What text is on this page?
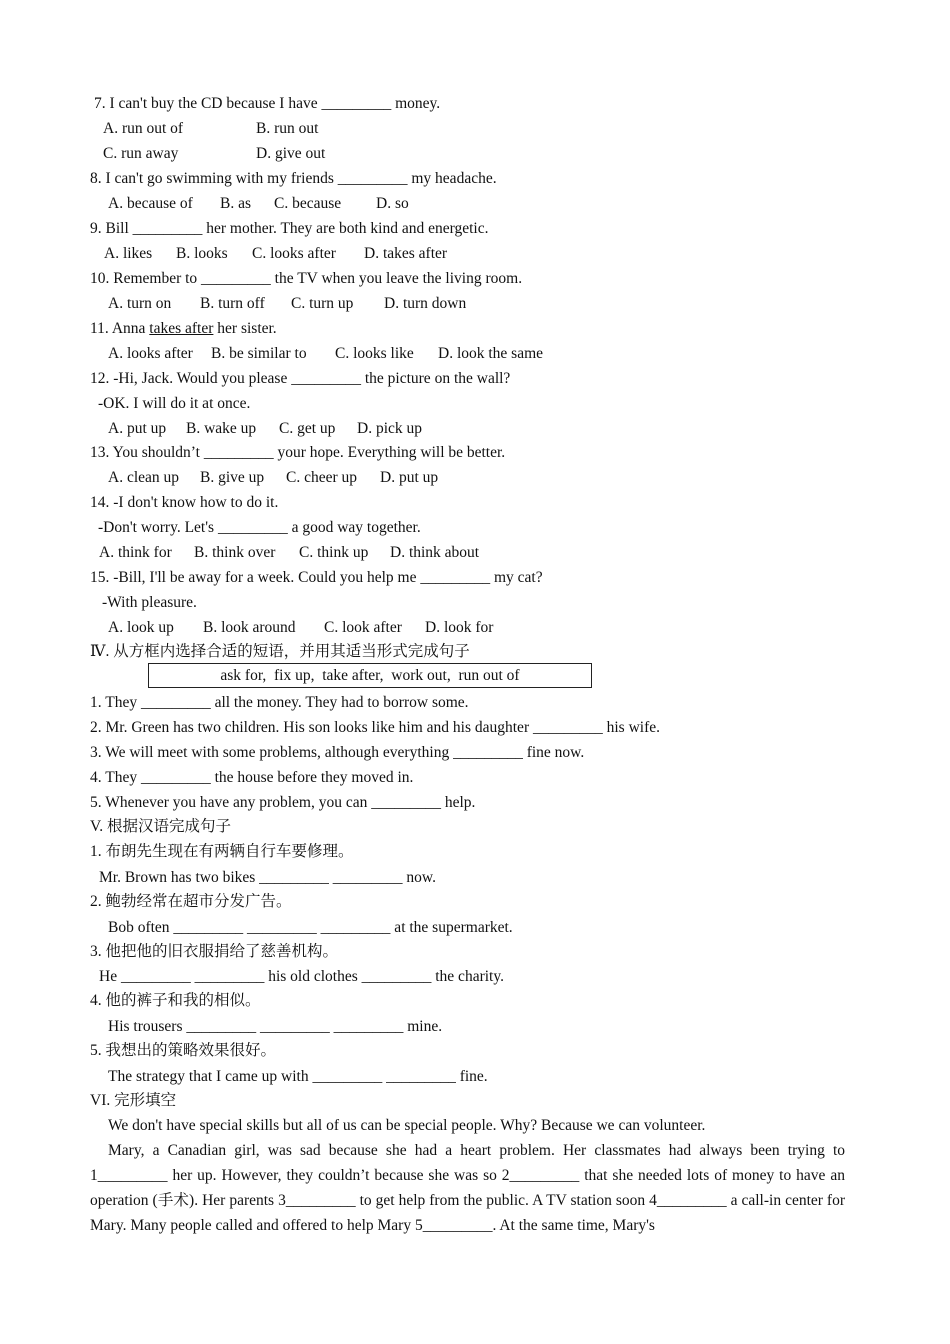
7. I can't buy the CD because I have _________ money.
A. run out of	B. run out
C. run away	D. give out
8. I can't go swimming with my friends _________ my headache.
A. because of B. as C. because D. so
9. Bill _________ her mother. They are both kind and energetic.
A. likes B. looks C. looks after D. takes after
10. Remember to _________ the TV when you leave the living room.
A. turn on B. turn off C. turn up D. turn down
11. Anna takes after her sister.
A. looks after B. be similar to C. looks like D. look the same
12. -Hi, Jack. Would you please _________ the picture on the wall?
-OK. I will do it at once.
A. put up B. wake up C. get up D. pick up
13. You shouldn’t _________ your hope. Everything will be better.
A. clean up B. give up C. cheer up D. put up
14. -I don't know how to do it.
-Don't worry. Let's _________ a good way together.
A. think for B. think over C. think up D. think about
15. -Bill, I'll be away for a week. Could you help me _________ my cat?
-With pleasure.
A. look up B. look around C. look after D. look for
Ⅳ. 从方框内选择合适的短语，并用其适当形式完成句子
ask for,  fix up,  take after,  work out,  run out of
1. They _________ all the money. They had to borrow some.
2. Mr. Green has two children. His son looks like him and his daughter _________ his wife.
3. We will meet with some problems, although everything _________ fine now.
4. They _________ the house before they moved in.
5. Whenever you have any problem, you can _________ help.
V. 根据汉语完成句子
1. 布朗先生现在有两辆自行车要修理。
Mr. Brown has two bikes _________ _________ now.
2. 鲍勃经常在超市分发广告。
Bob often _________ _________ _________ at the supermarket.
3. 他把他的旧衣服捐给了慈善机构。
He _________ _________ his old clothes _________ the charity.
4. 他的裤子和我的相似。
His trousers _________ _________ _________ mine.
5. 我想出的策略效果很好。
The strategy that I came up with _________ _________ fine.
VI. 完形填空
We don't have special skills but all of us can be special people. Why? Because we can volunteer.
Mary, a Canadian girl, was sad because she had a heart problem. Her classmates had always been trying to 1_________ her up. However, they couldn’t because she was so 2_________ that she needed lots of money to have an operation (手术). Her parents 3_________ to get help from the public. A TV station soon 4_________ a call-in center for Mary. Many people called and offered to help Mary 5_________. At the same time, Mary's
